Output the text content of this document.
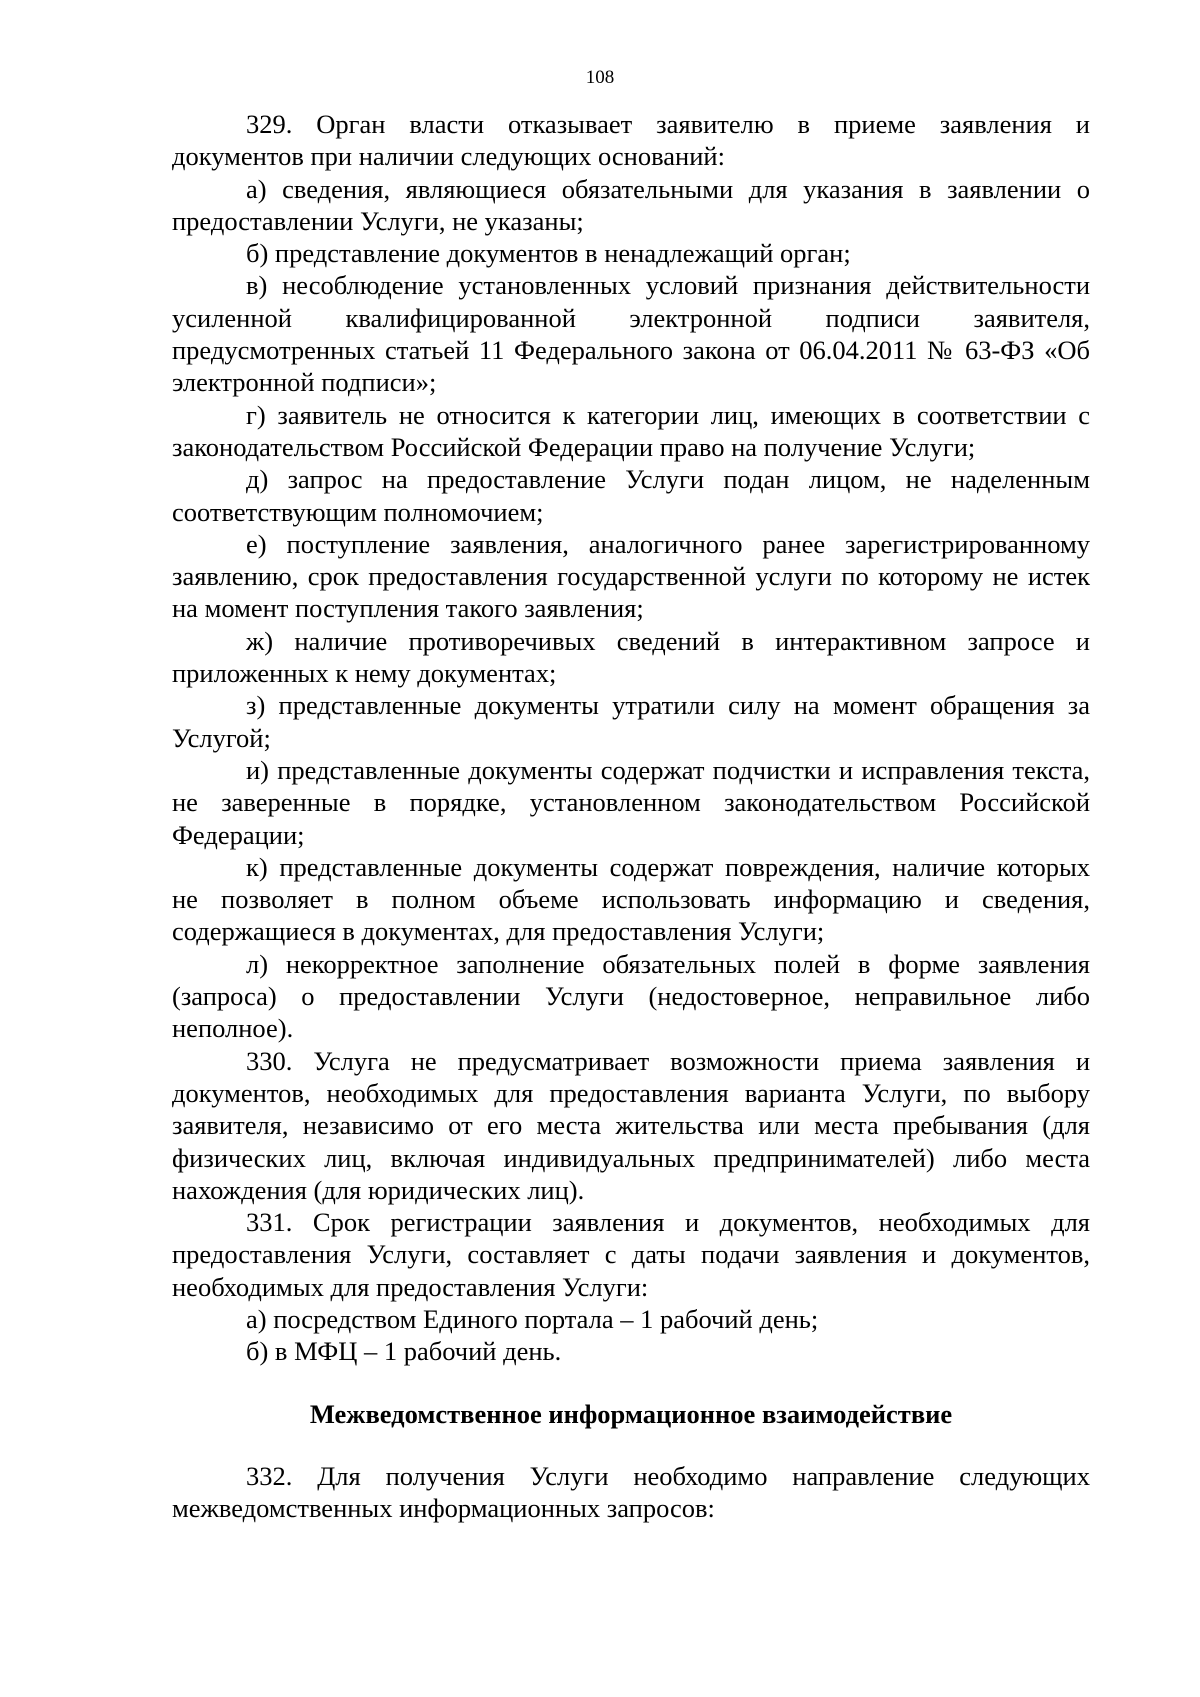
108

329. Орган власти отказывает заявителю в приеме заявления и документов при наличии следующих оснований:

а) сведения, являющиеся обязательными для указания в заявлении о предоставлении Услуги, не указаны;

б) представление документов в ненадлежащий орган;

в) несоблюдение установленных условий признания действительности усиленной квалифицированной электронной подписи заявителя, предусмотренных статьей 11 Федерального закона от 06.04.2011 № 63-ФЗ «Об электронной подписи»;

г) заявитель не относится к категории лиц, имеющих в соответствии с законодательством Российской Федерации право на получение Услуги;

д) запрос на предоставление Услуги подан лицом, не наделенным соответствующим полномочием;

е) поступление заявления, аналогичного ранее зарегистрированному заявлению, срок предоставления государственной услуги по которому не истек на момент поступления такого заявления;

ж) наличие противоречивых сведений в интерактивном запросе и приложенных к нему документах;

з) представленные документы утратили силу на момент обращения за Услугой;

и) представленные документы содержат подчистки и исправления текста, не заверенные в порядке, установленном законодательством Российской Федерации;

к) представленные документы содержат повреждения, наличие которых не позволяет в полном объеме использовать информацию и сведения, содержащиеся в документах, для предоставления Услуги;

л) некорректное заполнение обязательных полей в форме заявления (запроса) о предоставлении Услуги (недостоверное, неправильное либо неполное).

330. Услуга не предусматривает возможности приема заявления и документов, необходимых для предоставления варианта Услуги, по выбору заявителя, независимо от его места жительства или места пребывания (для физических лиц, включая индивидуальных предпринимателей) либо места нахождения (для юридических лиц).

331. Срок регистрации заявления и документов, необходимых для предоставления Услуги, составляет с даты подачи заявления и документов, необходимых для предоставления Услуги:

а) посредством Единого портала – 1 рабочий день;

б) в МФЦ – 1 рабочий день.

Межведомственное информационное взаимодействие

332. Для получения Услуги необходимо направление следующих межведомственных информационных запросов:
